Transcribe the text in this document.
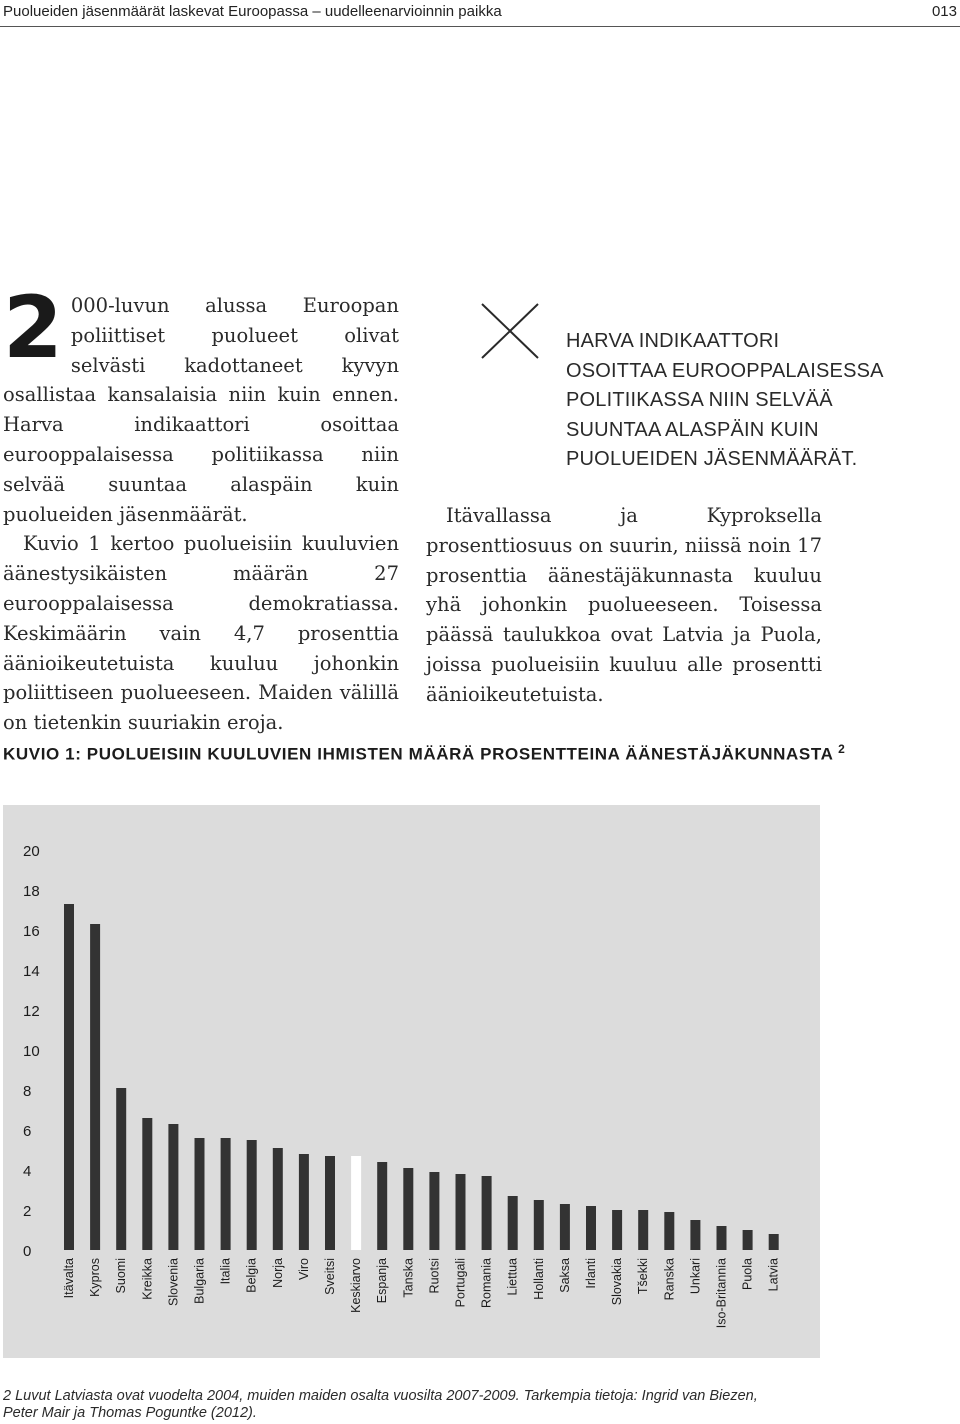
Puolueiden jäsenmäärät laskevat Euroopassa – uudelleenarvioinnin paikka	013
2 000-luvun alussa Euroopan poliittiset puolueet olivat selvästi kadottaneet kyvyn osallistaa kansalaisia niin kuin ennen. Harva indikaattori osoittaa eurooppalaisessa politiikassa niin selvää suuntaa alaspäin kuin puolueiden jäsenmäärät.

Kuvio 1 kertoo puolueisiin kuuluvien äänestysikäisten määrän 27 eurooppalaisessa demokratiassa. Keskimäärin vain 4,7 prosenttia äänioikeutetuista kuuluu johonkin poliittiseen puolueeseen. Maiden välillä on tietenkin suuriakin eroja.

HARVA INDIKAATTORI
OSOITTAA EUROOPPALAISESSA
POLITIIKASSA NIIN SELVÄÄ
SUUNTAA ALASPÄIN KUIN
PUOLUEIDEN JÄSENMÄÄRÄT.

Itävallassa ja Kyproksella prosenttiosuus on suurin, niissä noin 17 prosenttia äänestäjäkunnasta kuuluu yhä johonkin puolueeseen. Toisessa päässä taulukkoa ovat Latvia ja Puola, joissa puolueisiin kuuluu alle prosentti äänioikeutetuista.

KUVIO 1: PUOLUEISIIN KUULUVIEN IHMISTEN MÄÄRÄ PROSENTTEINA ÄÄNESTÄJÄKUNNASTA $^2$
0
2
4
6
8
10
12
14
16
18
20
Itävalta Kypros Suomi Kreikka Slovenia Bulgaria Italia Belgia Norja Viro Sveitsi Keskiarvo Espanja Tanska Ruotsi Portugali Romania Liettua Hollanti Saksa Irlanti Slovakia Tšekki Ranska Unkari Iso-Britannia Puola Latvia
2 Luvut Latviasta ovat vuodelta 2004, muiden maiden osalta vuosilta 2007-2009. Tarkempia tietoja: Ingrid van Biezen,
Peter Mair ja Thomas Poguntke (2012).
